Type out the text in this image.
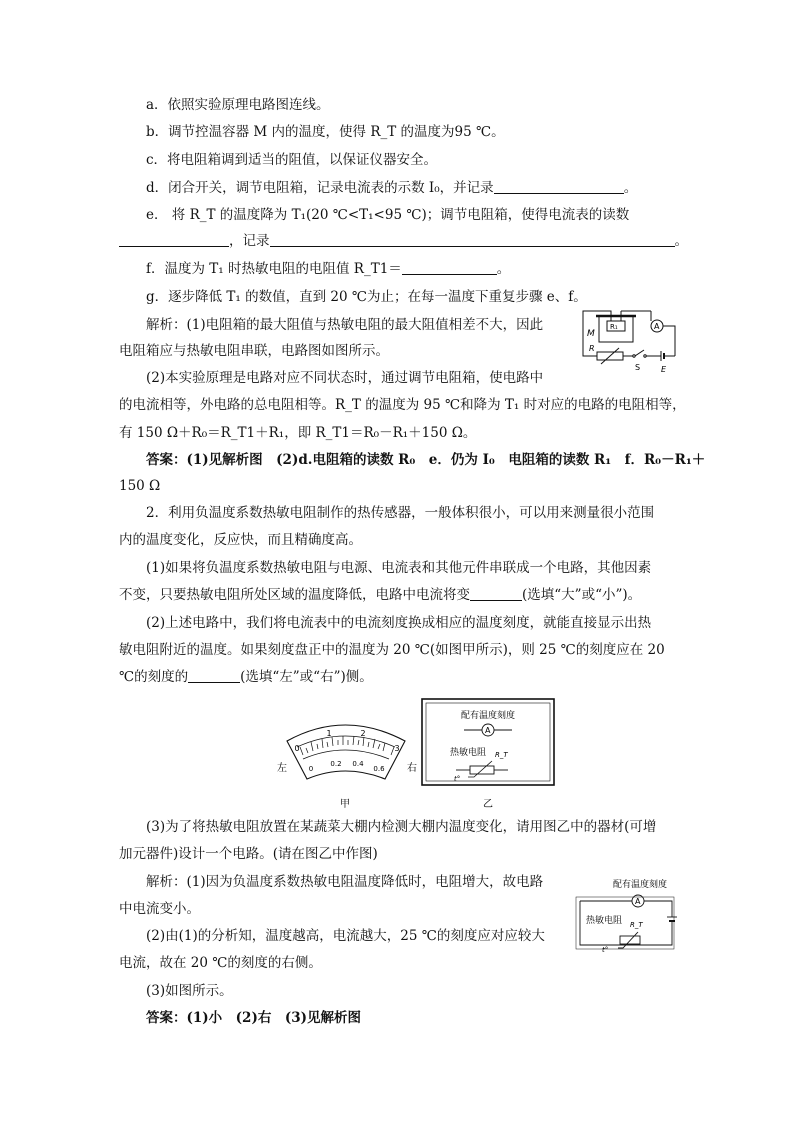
a．依照实验原理电路图连线。
b．调节控温容器 M 内的温度，使得 R_T 的温度为95 ℃。
c．将电阻箱调到适当的阻值，以保证仪器安全。
d．闭合开关，调节电阻箱，记录电流表的示数 I₀，并记录	。
e． 将 R_T 的温度降为 T₁(20 ℃<T₁<95 ℃)；调节电阻箱，使得电流表的读数
，记录	。
f．温度为 T₁ 时热敏电阻的电阻值 R_T1＝	。
g．逐步降低 T₁ 的数值，直到 20 ℃为止；在每一温度下重复步骤 e、f。
解析：(1)电阻箱的最大阻值与热敏电阻的最大阻值相差不大，因此
电阻箱应与热敏电阻串联，电路图如图所示。
(2)本实验原理是电路对应不同状态时，通过调节电阻箱，使电路中
的电流相等，外电路的总电阻相等。R_T 的温度为 95 ℃和降为 T₁ 时对应的电路的电阻相等，
有 150 Ω＋R₀＝R_T1＋R₁，即 R_T1＝R₀－R₁＋150 Ω。
M
R₁	A
R
S	E
答案：(1)见解析图　(2)d.电阻箱的读数 R₀　e．仍为 I₀　电阻箱的读数 R₁　f．R₀－R₁＋
150 Ω
2．利用负温度系数热敏电阻制作的热传感器，一般体积很小，可以用来测量很小范围
内的温度变化，反应快，而且精确度高。
(1)如果将负温度系数热敏电阻与电源、电流表和其他元件串联成一个电路，其他因素
不变，只要热敏电阻所处区域的温度降低，电路中电流将变	(选填“大”或“小”)。
(2)上述电路中，我们将电流表中的电流刻度换成相应的温度刻度，就能直接显示出热
敏电阻附近的温度。如果刻度盘正中的温度为 20 ℃(如图甲所示)，则 25 ℃的刻度应在 20
℃的刻度的	(选填“左”或“右”)侧。
0
1	2
3
0
0.2 0.4
0.6
左	右
甲
配有温度刻度
A
热敏电阻 R_T
t°
乙
(3)为了将热敏电阻放置在某蔬菜大棚内检测大棚内温度变化，请用图乙中的器材(可增
加元器件)设计一个电路。(请在图乙中作图)
解析：(1)因为负温度系数热敏电阻温度降低时，电阻增大，故电路
中电流变小。
(2)由(1)的分析知，温度越高，电流越大，25 ℃的刻度应对应较大
电流，故在 20 ℃的刻度的右侧。
(3)如图所示。
配有温度刻度
A
热敏电阻 R_T
t°
答案：(1)小　(2)右　(3)见解析图
